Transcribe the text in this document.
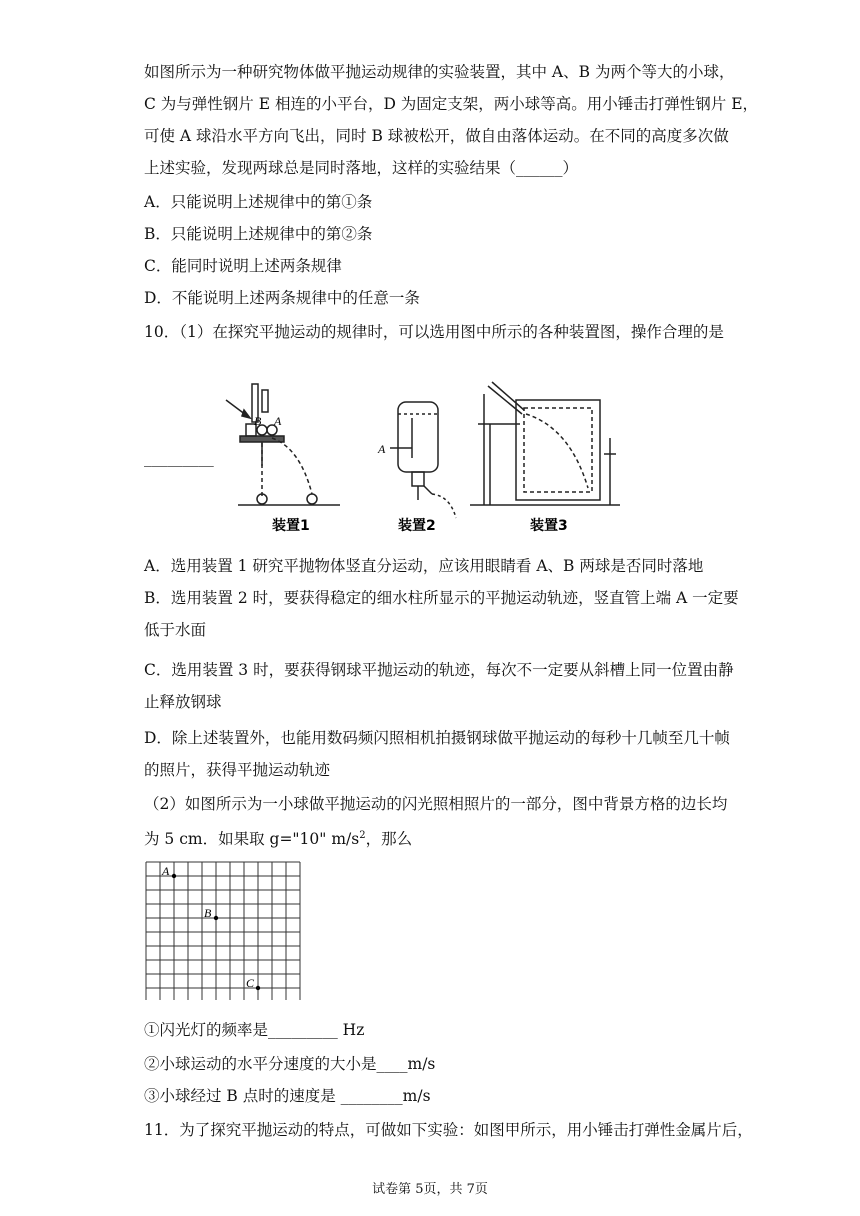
如图所示为一种研究物体做平抛运动规律的实验装置，其中 A、B 为两个等大的小球，
C 为与弹性钢片 E 相连的小平台，D 为固定支架，两小球等高。用小锤击打弹性钢片 E，
可使 A 球沿水平方向飞出，同时 B 球被松开，做自由落体运动。在不同的高度多次做
上述实验，发现两球总是同时落地，这样的实验结果（______）
A．只能说明上述规律中的第①条
B．只能说明上述规律中的第②条
C．能同时说明上述两条规律
D．不能说明上述两条规律中的任意一条
10．（1）在探究平抛运动的规律时，可以选用图中所示的各种装置图，操作合理的是
_________
B A
A
装置1	装置2	装置3
A．选用装置 1 研究平抛物体竖直分运动，应该用眼睛看 A、B 两球是否同时落地
B．选用装置 2 时，要获得稳定的细水柱所显示的平抛运动轨迹，竖直管上端 A 一定要
低于水面
C．选用装置 3 时，要获得钢球平抛运动的轨迹，每次不一定要从斜槽上同一位置由静
止释放钢球
D．除上述装置外，也能用数码频闪照相机拍摄钢球做平抛运动的每秒十几帧至几十帧
的照片，获得平抛运动轨迹
（2）如图所示为一小球做平抛运动的闪光照相照片的一部分，图中背景方格的边长均
为 5 cm．如果取 g="10" $m/s^2$，那么
A
B
C
①闪光灯的频率是_________ Hz
②小球运动的水平分速度的大小是____m/s
③小球经过 B 点时的速度是 ________m/s
11．为了探究平抛运动的特点，可做如下实验：如图甲所示，用小锤击打弹性金属片后，
试卷第 5页，共 7页
